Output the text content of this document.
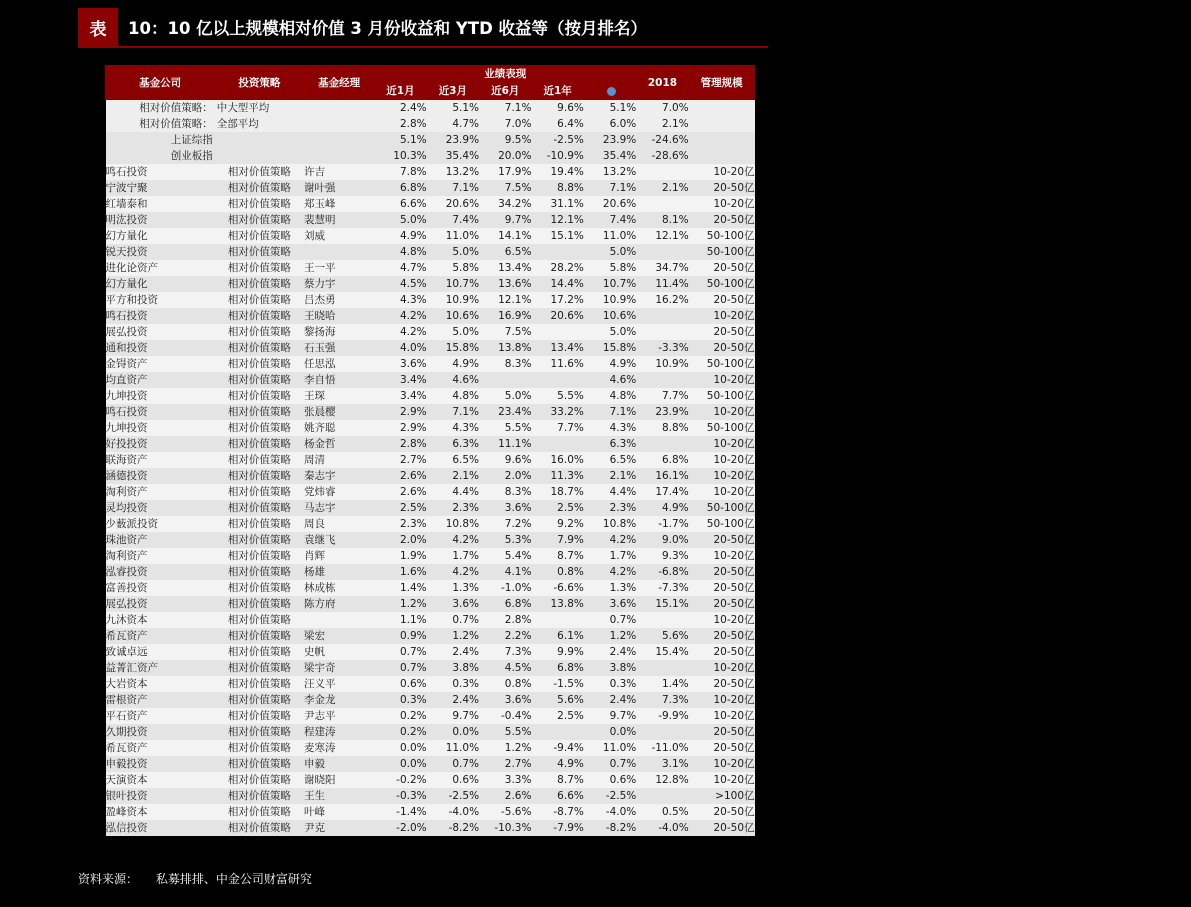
表	10：10 亿以上规模相对价值 3 月份收益和 YTD 收益等（按月排名）
基金公司	投资策略	基金经理	业绩表现					2018	管理规模
			近1月	近3月	近6月	近1年			
相对价值策略：	中大型平均		2.4%	5.1%	7.1%	9.6%	5.1%	7.0%	
相对价值策略：	全部平均		2.8%	4.7%	7.0%	6.4%	6.0%	2.1%	
上证综指			5.1%	23.9%	9.5%	-2.5%	23.9%	-24.6%	
创业板指			10.3%	35.4%	20.0%	-10.9%	35.4%	-28.6%	
鸣石投资	相对价值策略	许吉	7.8%	13.2%	17.9%	19.4%	13.2%		10-20亿
宁波宁聚	相对价值策略	谢叶强	6.8%	7.1%	7.5%	8.8%	7.1%	2.1%	20-50亿
红墙泰和	相对价值策略	郑玉峰	6.6%	20.6%	34.2%	31.1%	20.6%		10-20亿
明汯投资	相对价值策略	裴慧明	5.0%	7.4%	9.7%	12.1%	7.4%	8.1%	20-50亿
幻方量化	相对价值策略	刘威	4.9%	11.0%	14.1%	15.1%	11.0%	12.1%	50-100亿
锐天投资	相对价值策略		4.8%	5.0%	6.5%		5.0%		50-100亿
进化论资产	相对价值策略	王一平	4.7%	5.8%	13.4%	28.2%	5.8%	34.7%	20-50亿
幻方量化	相对价值策略	蔡力宇	4.5%	10.7%	13.6%	14.4%	10.7%	11.4%	50-100亿
平方和投资	相对价值策略	吕杰勇	4.3%	10.9%	12.1%	17.2%	10.9%	16.2%	20-50亿
鸣石投资	相对价值策略	王晓哈	4.2%	10.6%	16.9%	20.6%	10.6%		10-20亿
展弘投资	相对价值策略	黎扬海	4.2%	5.0%	7.5%		5.0%		20-50亿
通和投资	相对价值策略	石玉强	4.0%	15.8%	13.8%	13.4%	15.8%	-3.3%	20-50亿
金锝资产	相对价值策略	任思泓	3.6%	4.9%	8.3%	11.6%	4.9%	10.9%	50-100亿
均直资产	相对价值策略	李自悟	3.4%	4.6%			4.6%		10-20亿
九坤投资	相对价值策略	王琛	3.4%	4.8%	5.0%	5.5%	4.8%	7.7%	50-100亿
鸣石投资	相对价值策略	张晨樱	2.9%	7.1%	23.4%	33.2%	7.1%	23.9%	10-20亿
九坤投资	相对价值策略	姚齐聪	2.9%	4.3%	5.5%	7.7%	4.3%	8.8%	50-100亿
好投投资	相对价值策略	杨金哲	2.8%	6.3%	11.1%		6.3%		10-20亿
联海资产	相对价值策略	周清	2.7%	6.5%	9.6%	16.0%	6.5%	6.8%	10-20亿
涵德投资	相对价值策略	秦志宇	2.6%	2.1%	2.0%	11.3%	2.1%	16.1%	10-20亿
淘利资产	相对价值策略	党炜睿	2.6%	4.4%	8.3%	18.7%	4.4%	17.4%	10-20亿
灵均投资	相对价值策略	马志宇	2.5%	2.3%	3.6%	2.5%	2.3%	4.9%	50-100亿
少薮派投资	相对价值策略	周良	2.3%	10.8%	7.2%	9.2%	10.8%	-1.7%	50-100亿
珠池资产	相对价值策略	袁继飞	2.0%	4.2%	5.3%	7.9%	4.2%	9.0%	20-50亿
淘利资产	相对价值策略	肖辉	1.9%	1.7%	5.4%	8.7%	1.7%	9.3%	10-20亿
泓睿投资	相对价值策略	杨雄	1.6%	4.2%	4.1%	0.8%	4.2%	-6.8%	20-50亿
富善投资	相对价值策略	林成栋	1.4%	1.3%	-1.0%	-6.6%	1.3%	-7.3%	20-50亿
展弘投资	相对价值策略	陈方府	1.2%	3.6%	6.8%	13.8%	3.6%	15.1%	20-50亿
九沐资本	相对价值策略		1.1%	0.7%	2.8%		0.7%		10-20亿
希瓦资产	相对价值策略	梁宏	0.9%	1.2%	2.2%	6.1%	1.2%	5.6%	20-50亿
致诚卓远	相对价值策略	史帆	0.7%	2.4%	7.3%	9.9%	2.4%	15.4%	20-50亿
益菁汇资产	相对价值策略	梁宇奇	0.7%	3.8%	4.5%	6.8%	3.8%		10-20亿
大岩资本	相对价值策略	汪义平	0.6%	0.3%	0.8%	-1.5%	0.3%	1.4%	20-50亿
雷根资产	相对价值策略	李金龙	0.3%	2.4%	3.6%	5.6%	2.4%	7.3%	10-20亿
平石资产	相对价值策略	尹志平	0.2%	9.7%	-0.4%	2.5%	9.7%	-9.9%	10-20亿
久期投资	相对价值策略	程建涛	0.2%	0.0%	5.5%		0.0%		20-50亿
希瓦资产	相对价值策略	麦寒涛	0.0%	11.0%	1.2%	-9.4%	11.0%	-11.0%	20-50亿
申毅投资	相对价值策略	申毅	0.0%	0.7%	2.7%	4.9%	0.7%	3.1%	10-20亿
天演资本	相对价值策略	谢晓阳	-0.2%	0.6%	3.3%	8.7%	0.6%	12.8%	10-20亿
银叶投资	相对价值策略	王生	-0.3%	-2.5%	2.6%	6.6%	-2.5%		>100亿
盈峰资本	相对价值策略	叶峰	-1.4%	-4.0%	-5.6%	-8.7%	-4.0%	0.5%	20-50亿
泓信投资	相对价值策略	尹克	-2.0%	-8.2%	-10.3%	-7.9%	-8.2%	-4.0%	20-50亿
资料来源： 私募排排、中金公司财富研究
